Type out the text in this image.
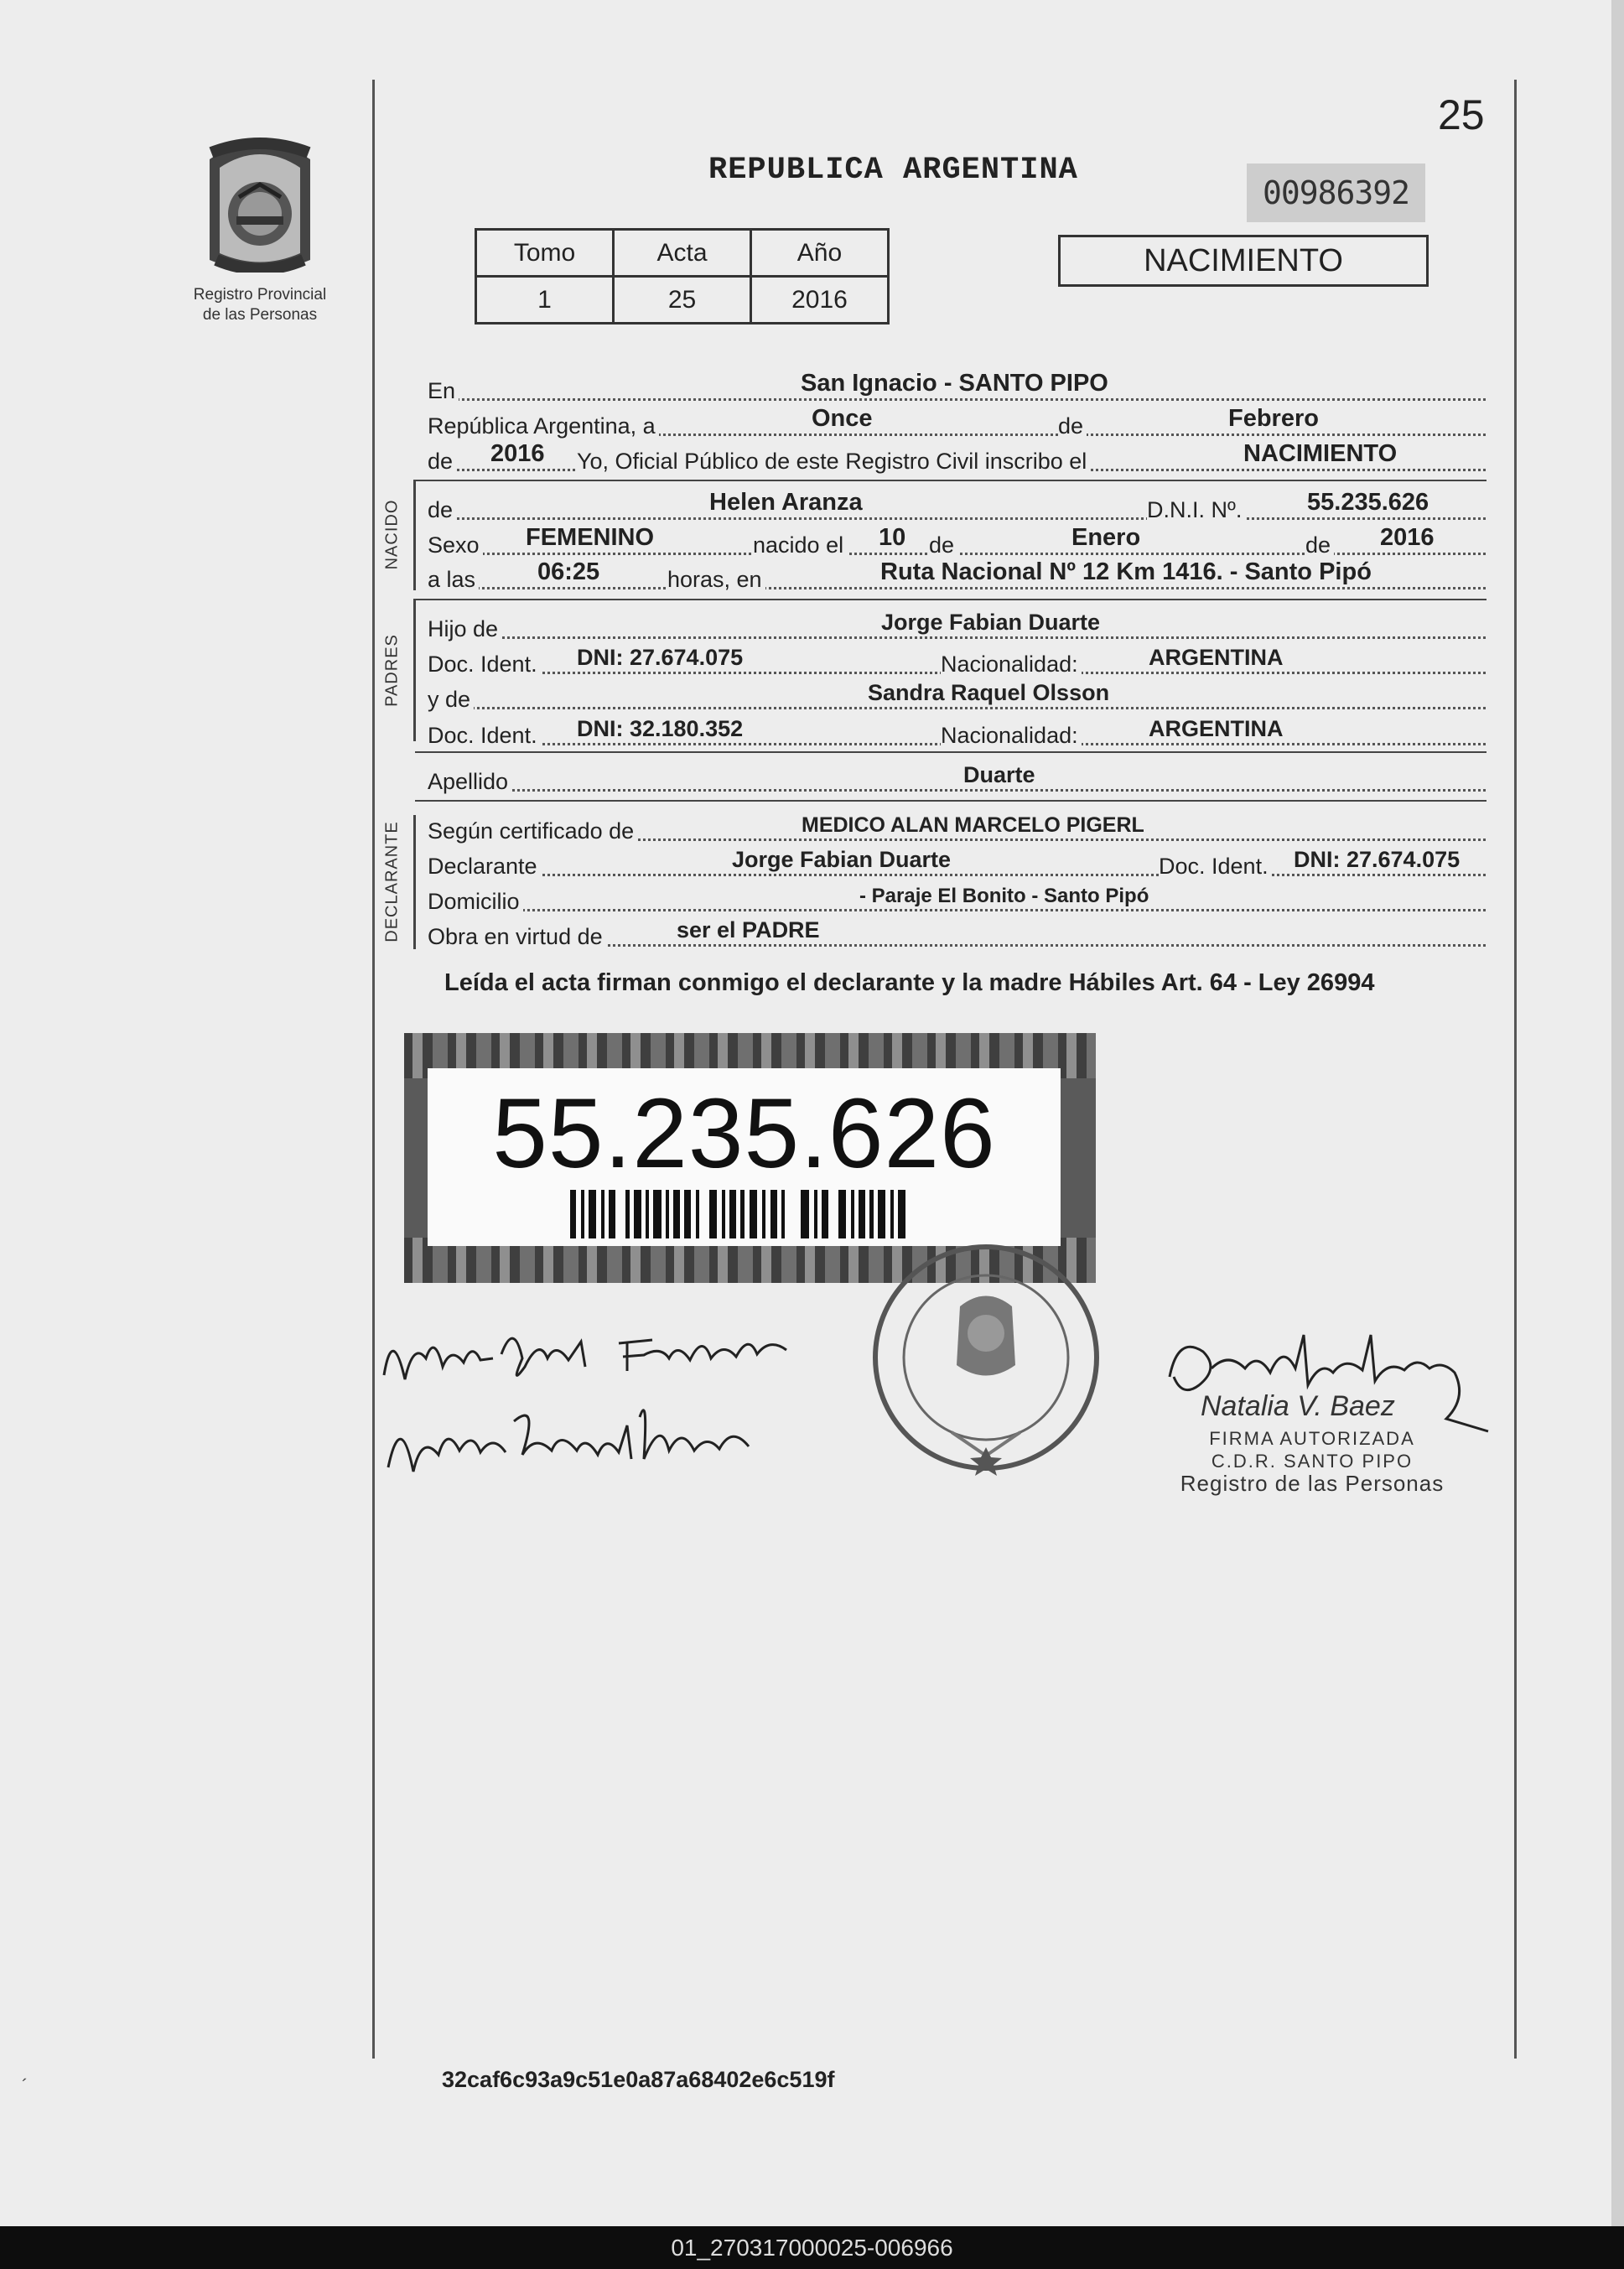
25
Registro Provincial
de las Personas
REPUBLICA ARGENTINA
00986392
Tomo	Acta	Año
1	25	2016
NACIMIENTO
En	San Ignacio - SANTO PIPO
República Argentina, a	Once	de	Febrero
de 2016 Yo, Oficial Público de este Registro Civil inscribo el	NACIMIENTO
NACIDO de	Helen Aranza	D.N.I. Nº.	55.235.626
Sexo FEMENINO	nacido el 10 de	Enero	de 2016
a las	06:25	horas, en	Ruta Nacional Nº 12 Km 1416. - Santo Pipó
PADRES
Hijo de	Jorge Fabian Duarte
Doc. Ident. DNI: 27.674.075	Nacionalidad:	ARGENTINA
y de	Sandra Raquel Olsson
Doc. Ident. DNI: 32.180.352	Nacionalidad:	ARGENTINA
Apellido	Duarte
DECLARANTE Según certificado de	MEDICO ALAN MARCELO PIGERL
Declarante	Jorge Fabian Duarte	Doc. Ident. DNI: 27.674.075
Domicilio	- Paraje El Bonito - Santo Pipó
Obra en virtud de	ser el PADRE
Leída el acta firman conmigo el declarante y la madre Hábiles Art. 64 - Ley 26994
55.235.626
Natalia V. Baez
FIRMA AUTORIZADA
C.D.R. SANTO PIPO
Registro de las Personas
32caf6c93a9c51e0a87a68402e6c519f
´
01_270317000025-006966
